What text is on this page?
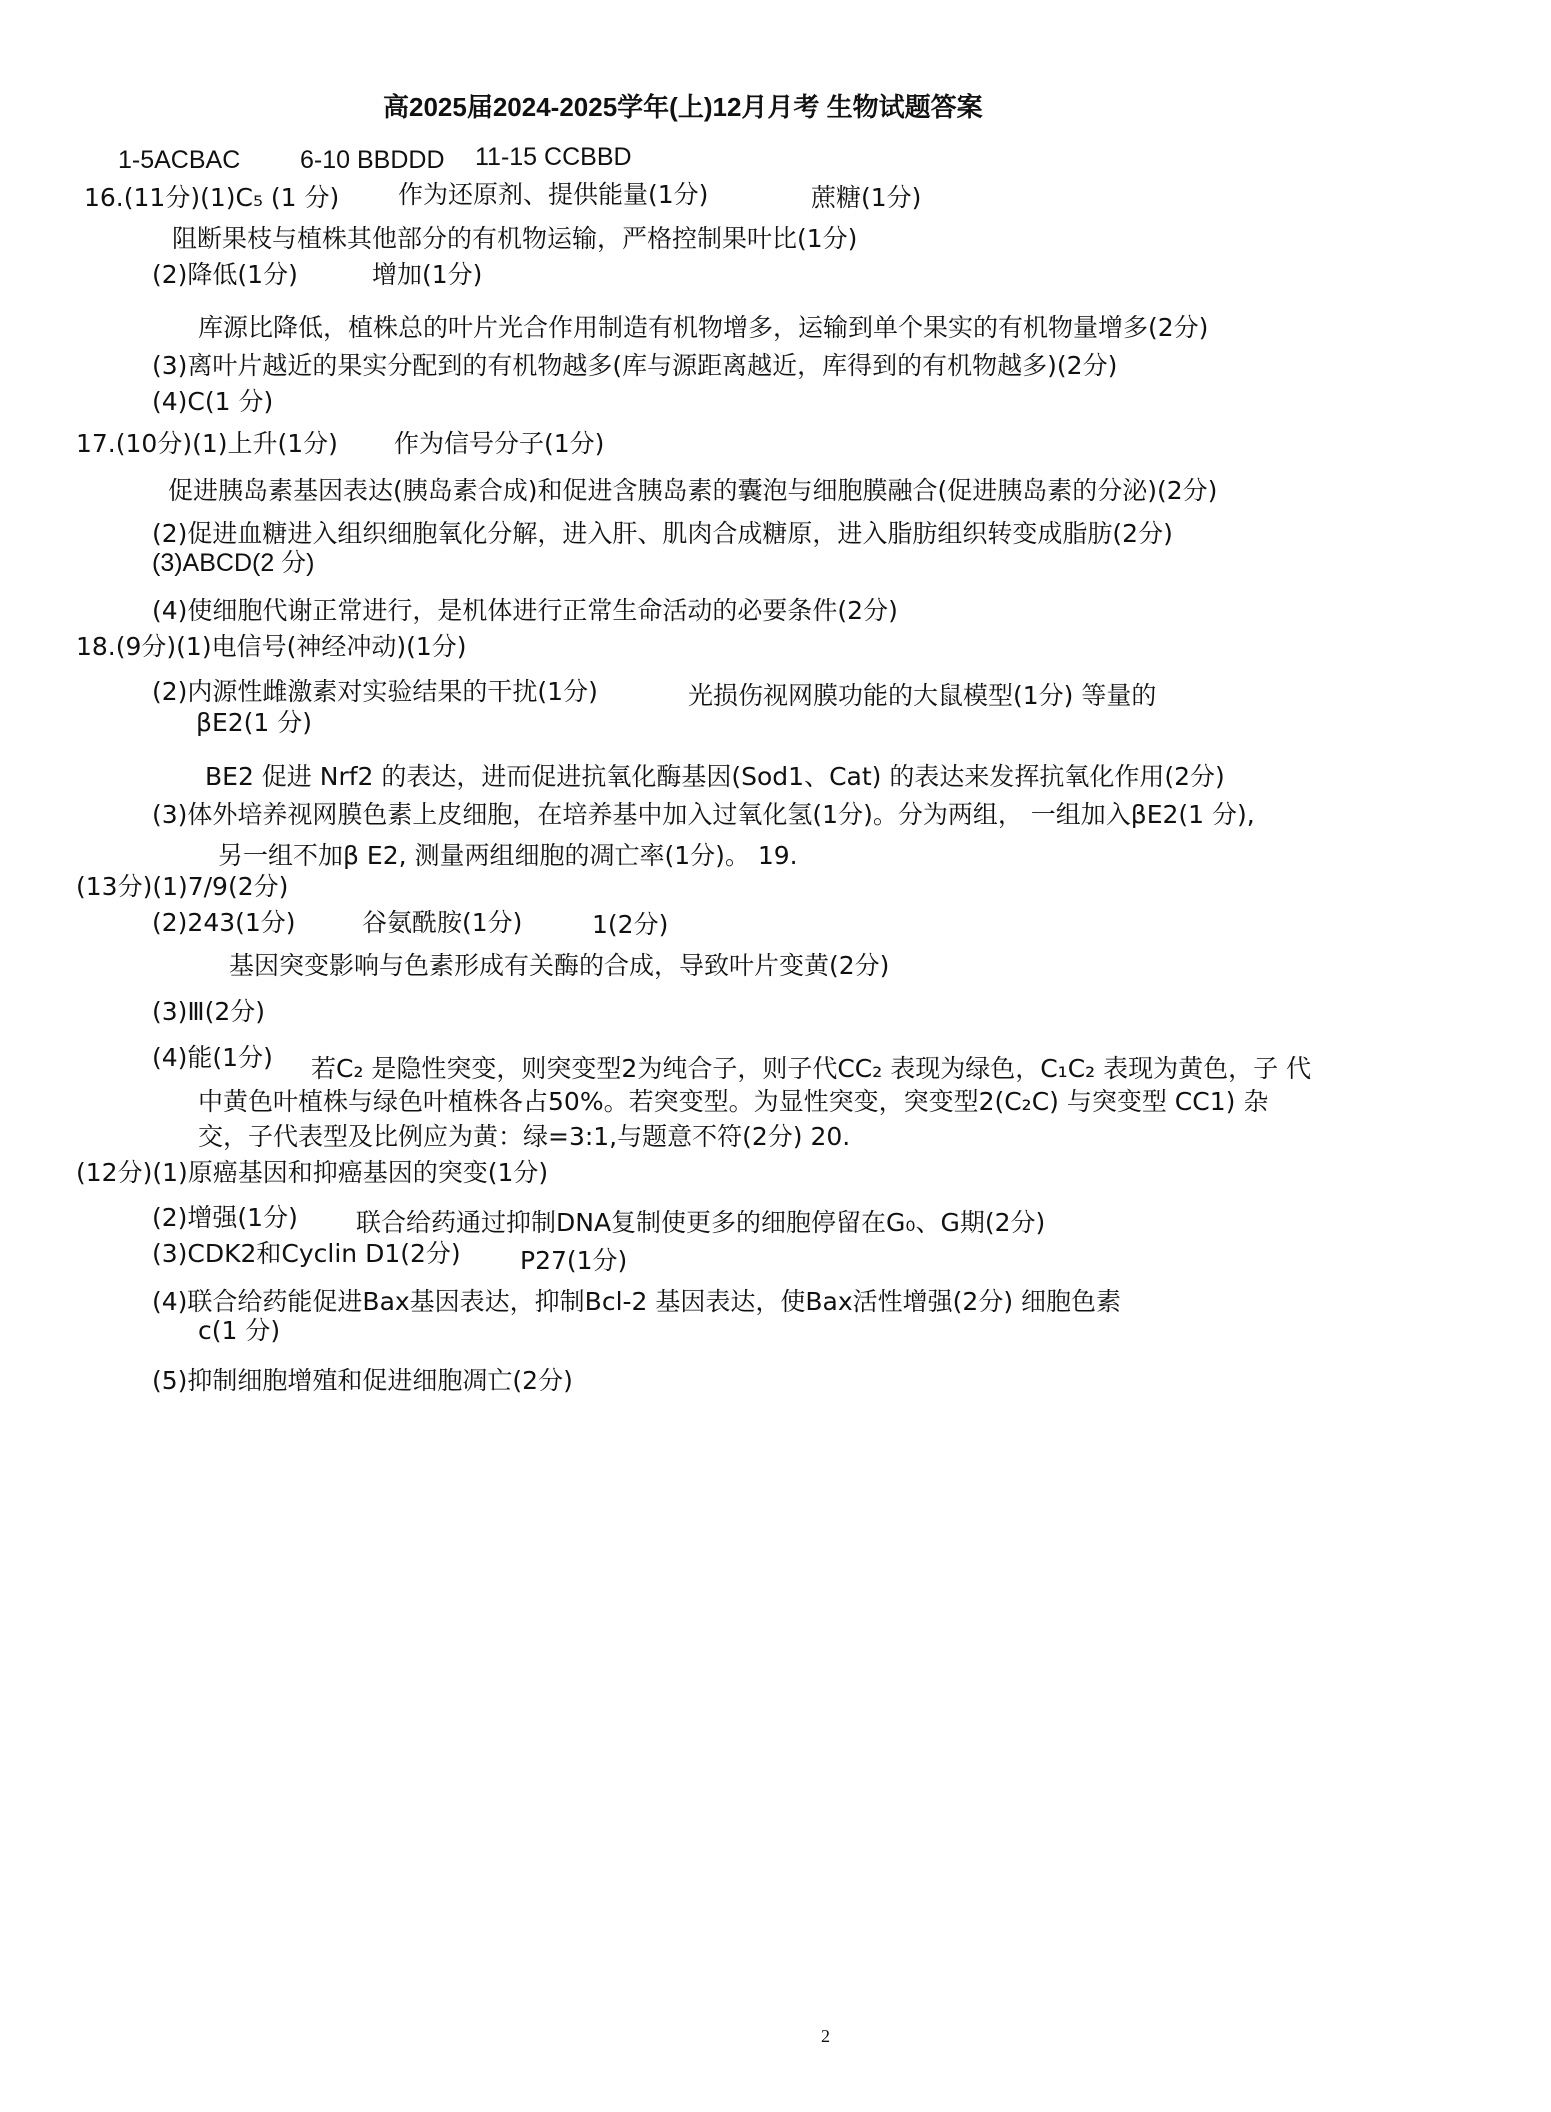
高2025届2024-2025学年(上)12月月考 生物试题答案
1-5ACBAC 6-10 BBDDD 11-15 CCBBD
16.(11分)(1)C₅ (1 分) 作为还原剂、提供能量(1分)	蔗糖(1分)
阻断果枝与植株其他部分的有机物运输，严格控制果叶比(1分)
(2)降低(1分)	增加(1分)
库源比降低，植株总的叶片光合作用制造有机物增多，运输到单个果实的有机物量增多(2分)
(3)离叶片越近的果实分配到的有机物越多(库与源距离越近，库得到的有机物越多)(2分)
(4)C(1 分)
17.(10分)(1)上升(1分) 作为信号分子(1分)
促进胰岛素基因表达(胰岛素合成)和促进含胰岛素的囊泡与细胞膜融合(促进胰岛素的分泌)(2分)
(2)促进血糖进入组织细胞氧化分解，进入肝、肌肉合成糖原，进入脂肪组织转变成脂肪(2分)
(3)ABCD(2 分)
(4)使细胞代谢正常进行，是机体进行正常生命活动的必要条件(2分)
18.(9分)(1)电信号(神经冲动)(1分)
(2)内源性雌激素对实验结果的干扰(1分)	光损伤视网膜功能的大鼠模型(1分) 等量的
βE2(1 分)
BE2 促进 Nrf2 的表达，进而促进抗氧化酶基因(Sod1、Cat) 的表达来发挥抗氧化作用(2分)
(3)体外培养视网膜色素上皮细胞，在培养基中加入过氧化氢(1分)。分为两组， 一组加入βE2(1 分),
另一组不加β E2, 测量两组细胞的凋亡率(1分)。 19.
(13分)(1)7/9(2分)
(2)243(1分)	谷氨酰胺(1分)	1(2分)
基因突变影响与色素形成有关酶的合成，导致叶片变黄(2分)
(3)Ⅲ(2分)
(4)能(1分) 若C₂ 是隐性突变，则突变型2为纯合子，则子代CC₂ 表现为绿色，C₁C₂ 表现为黄色，子 代
中黄色叶植株与绿色叶植株各占50%。若突变型。为显性突变，突变型2(C₂C) 与突变型 CC1) 杂
交，子代表型及比例应为黄：绿=3:1,与题意不符(2分) 20.
(12分)(1)原癌基因和抑癌基因的突变(1分)
(2)增强(1分) 联合给药通过抑制DNA复制使更多的细胞停留在G₀、G期(2分)
(3)CDK2和Cyclin D1(2分) P27(1分)
(4)联合给药能促进Bax基因表达，抑制Bcl-2 基因表达，使Bax活性增强(2分) 细胞色素
c(1 分)
(5)抑制细胞增殖和促进细胞凋亡(2分)
2
